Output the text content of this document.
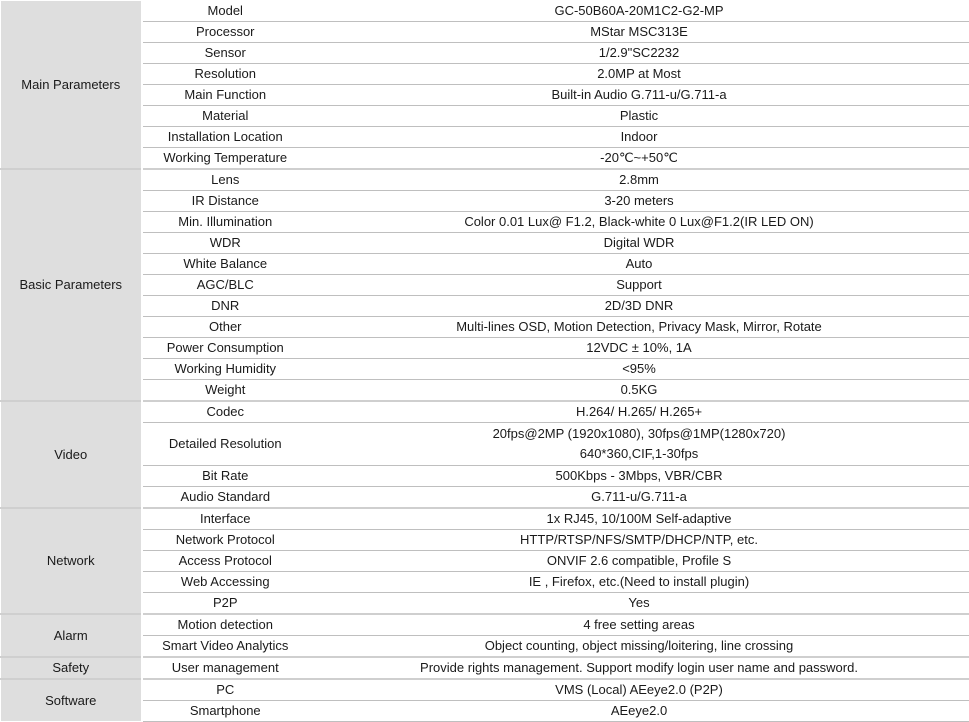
Main Parameters	Model	GC-50B60A-20M1C2-G2-MP

	Processor	MStar MSC313E

	Sensor	1/2.9"SC2232

	Resolution	2.0MP at Most

	Main Function	Built-in Audio G.711-u/G.711-a

	Material	Plastic

	Installation Location	Indoor

	Working Temperature	-20℃~+50℃

Basic Parameters	Lens	2.8mm

	IR Distance	3-20 meters

	Min. Illumination	Color 0.01 Lux@ F1.2, Black-white 0 Lux@F1.2(IR LED ON)

	WDR	Digital WDR

	White Balance	Auto

	AGC/BLC	Support

	DNR	2D/3D DNR

	Other	Multi-lines OSD, Motion Detection, Privacy Mask, Mirror, Rotate

	Power Consumption	12VDC ± 10%, 1A

	Working Humidity	<95%

	Weight	0.5KG

Video	Codec	H.264/ H.265/ H.265+

	Detailed Resolution	20fps@2MP (1920x1080), 30fps@1MP(1280x720)
640*360,CIF,1-30fps

	Bit Rate	500Kbps - 3Mbps, VBR/CBR

	Audio Standard	G.711-u/G.711-a

Network	Interface	1x RJ45, 10/100M Self-adaptive

	Network Protocol	HTTP/RTSP/NFS/SMTP/DHCP/NTP, etc.

	Access Protocol	ONVIF 2.6 compatible, Profile S

	Web Accessing	IE , Firefox, etc.(Need to install plugin)

	P2P	Yes

Alarm	Motion detection	4 free setting areas

	Smart Video Analytics	Object counting, object missing/loitering, line crossing

Safety	User management	Provide rights management. Support modify login user name and password.

Software	PC	VMS (Local) AEeye2.0 (P2P)

	Smartphone	AEeye2.0
